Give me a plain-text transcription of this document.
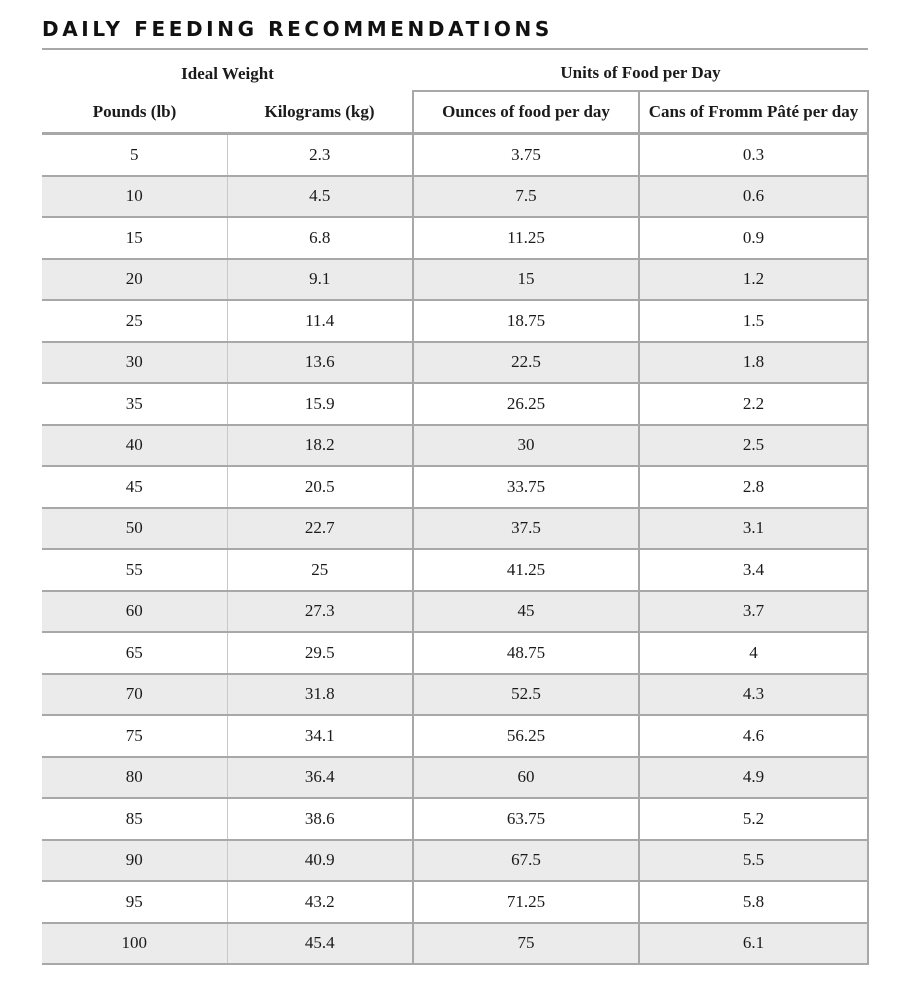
DAILY FEEDING RECOMMENDATIONS
Ideal Weight		Units of Food per Day	
Pounds (lb)	Kilograms (kg)	Ounces of food per day	Cans of Fromm Pâté per day
5	2.3	3.75	0.3
10	4.5	7.5	0.6
15	6.8	11.25	0.9
20	9.1	15	1.2
25	11.4	18.75	1.5
30	13.6	22.5	1.8
35	15.9	26.25	2.2
40	18.2	30	2.5
45	20.5	33.75	2.8
50	22.7	37.5	3.1
55	25	41.25	3.4
60	27.3	45	3.7
65	29.5	48.75	4
70	31.8	52.5	4.3
75	34.1	56.25	4.6
80	36.4	60	4.9
85	38.6	63.75	5.2
90	40.9	67.5	5.5
95	43.2	71.25	5.8
100	45.4	75	6.1
